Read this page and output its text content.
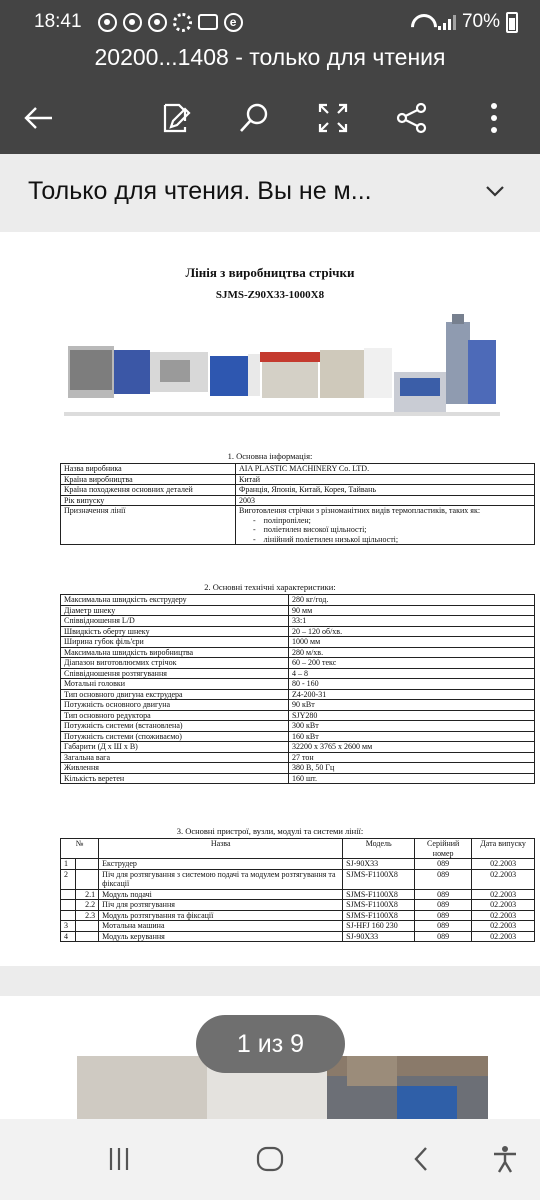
18:41	e	70%
20200...1408 - только для чтения
Только для чтения. Вы не м...
Лінія з виробництва стрічки
SJMS-Z90X33-1000X8
1. Основна інформація:
Назва виробника	AIA PLASTIC MACHINERY Co. LTD.
Країна виробництва	Китай
Країна походження основних деталей	Франція, Японія, Китай, Корея, Тайвань
Рік випуску	2003
Призначення лінії	Виготовлення стрічки з різноманітних видів термопластиків, таких як:
-    поліпропілен;
-    поліетилен високої щільності;
-    лінійний поліетилен низької щільності;
2. Основні технічні характеристики:
Максимальна швидкість екструдеру	280 кг/год.
Діаметр шнеку	90 мм
Співвідношення L/D	33:1
Швидкість оберту шнеку	20 – 120 об/хв.
Ширина губок філь'єри	1000 мм
Максимальна швидкість виробництва	280 м/хв.
Діапазон виготовлюємих стрічок	60 – 200 текс
Співвідношення розтягування	4 – 8
Мотальні головки	80 - 160
Тип основного двигуна екструдера	Z4-200-31
Потужність основного двигуна	90 кВт
Тип основного редуктора	SJY280
Потужність системи (встановлена)	300 кВт
Потужність системи (споживаємо)	160 кВт
Габарити (Д х Ш х В)	32200 х 3765 х 2600 мм
Загальна вага	27 тон
Живлення	380 В, 50 Гц
Кількість веретен	160 шт.
3. Основні пристрої, вузли, модулі та системи лінії:
№		Назва	Модель	Серійний номер	Дата випуску
1		Екструдер	SJ-90X33	089	02.2003
2		Піч для розтягування з системою подачі та модулем розтягування та фіксації	SJMS-F1100X8	089	02.2003
	2.1	Модуль подачі	SJMS-F1100X8	089	02.2003
	2.2	Піч для розтягування	SJMS-F1100X8	089	02.2003
	2.3	Модуль розтягування та фіксації	SJMS-F1100X8	089	02.2003
3		Мотальна машина	SJ-HFJ 160 230	089	02.2003
4		Модуль керування	SJ-90X33	089	02.2003
1 из 9
